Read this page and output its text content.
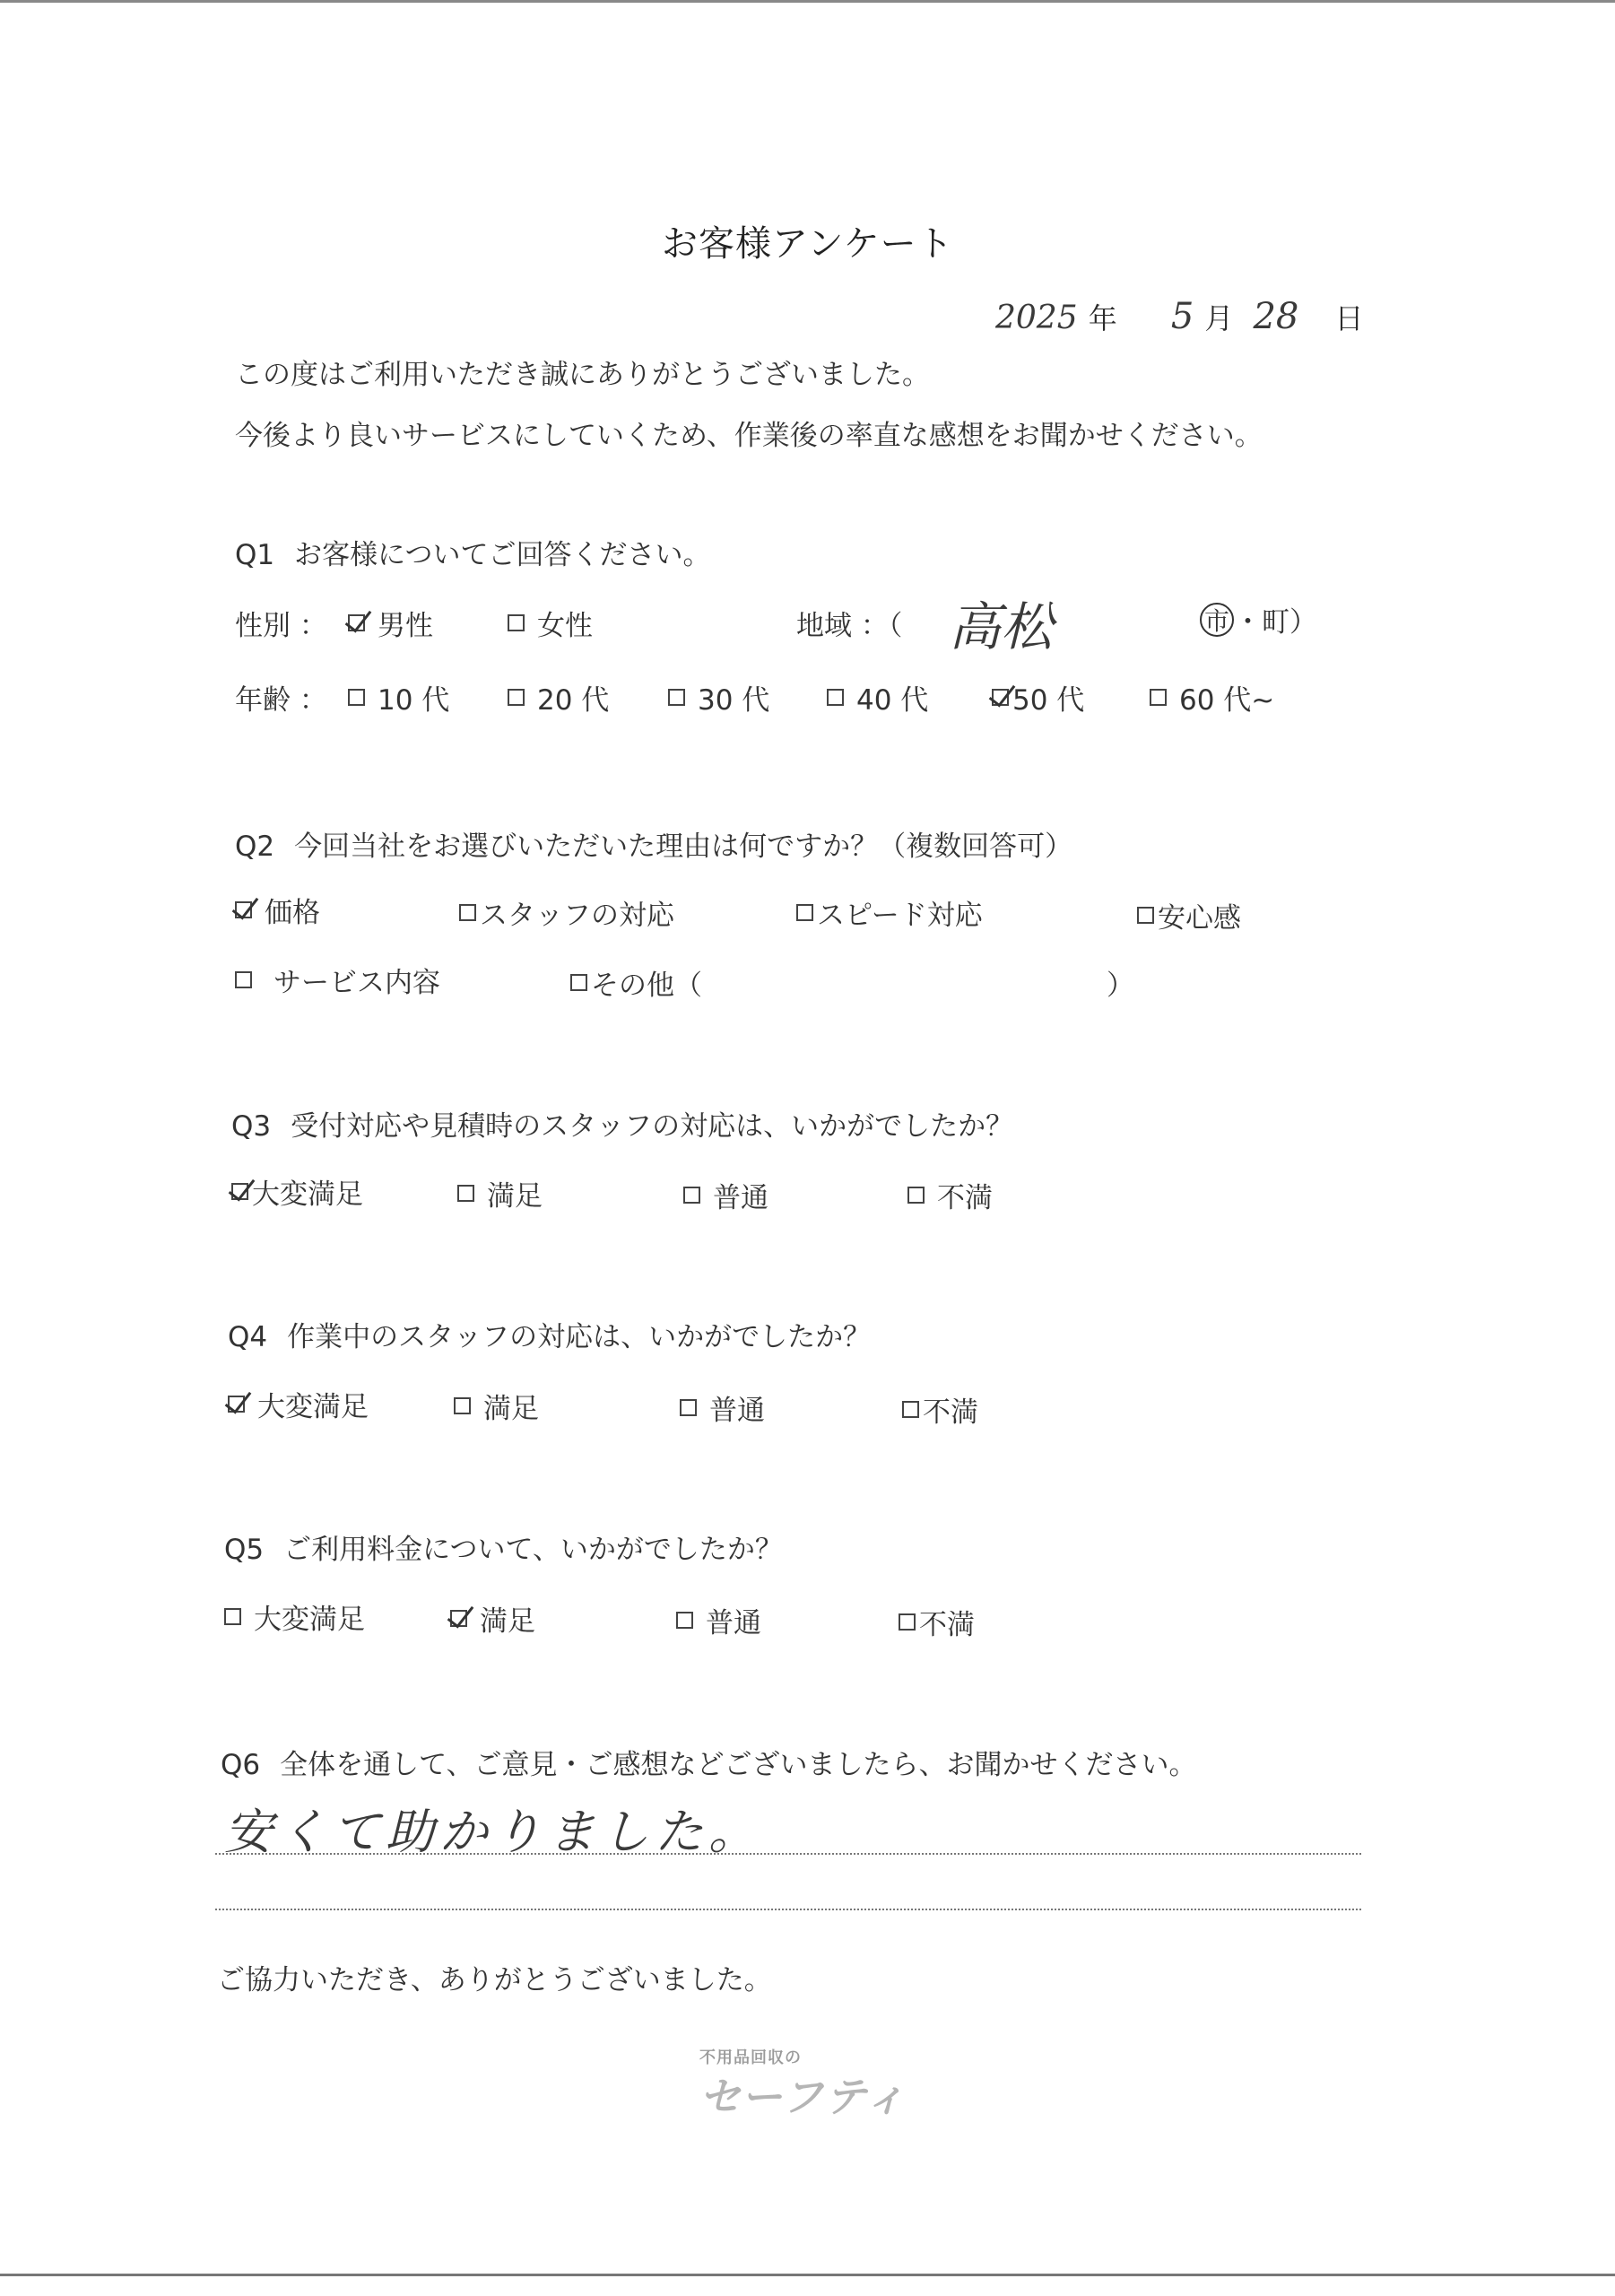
お客様アンケート
2025 年 5 月 28 日
この度はご利用いただき誠にありがとうございました。
今後より良いサービスにしていくため、作業後の率直な感想をお聞かせください。
Q1 お客様についてご回答ください。
性別 ： 男性	女性	地域 ：（ 高松	市 ・町）
年齢 ： 10 代	20 代	30 代	40 代	50 代	60 代~
Q2 今回当社をお選びいただいた理由は何ですか？（複数回答可）
価格	スタッフの対応	スピード対応	安心感
サービス内容	その他（	）
Q3 受付対応や見積時のスタッフの対応は、いかがでしたか？
大変満足	満足	普通	不満
Q4 作業中のスタッフの対応は、いかがでしたか？
大変満足	満足	普通	不満
Q5 ご利用料金について、いかがでしたか？
大変満足	満足	普通	不満
Q6 全体を通して、ご意見・ご感想などございましたら、お聞かせください。
安くて助かりました。
ご協力いただき、ありがとうございました。
不用品回収の
セーフティ
